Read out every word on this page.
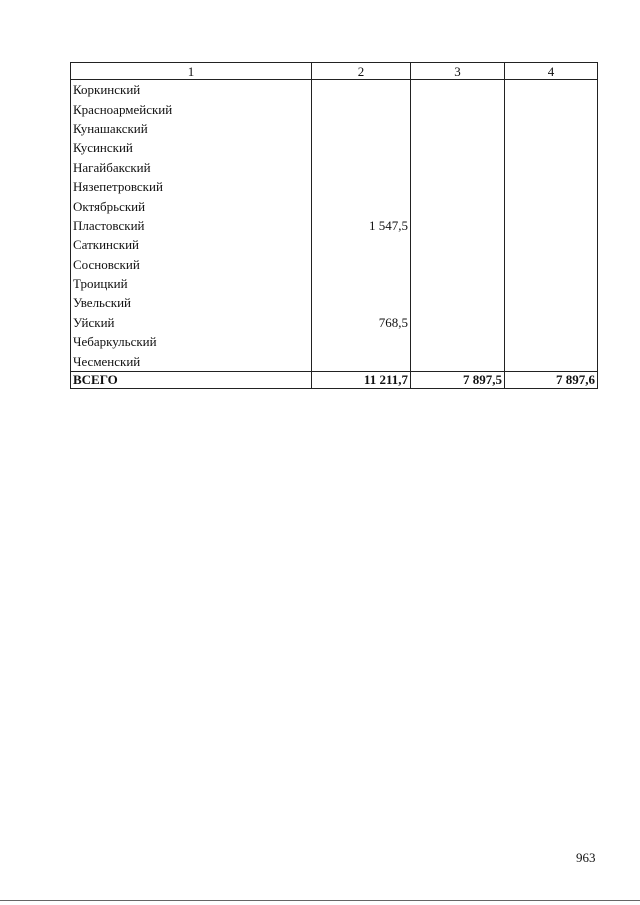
1	2	3	4
Коркинский			
Красноармейский			
Кунашакский			
Кусинский			
Нагайбакский			
Нязепетровский			
Октябрьский			
Пластовский	1 547,5		
Саткинский			
Сосновский			
Троицкий			
Увельский			
Уйский	768,5		
Чебаркульский			
Чесменский			
ВСЕГО	11 211,7	7 897,5	7 897,6
963
